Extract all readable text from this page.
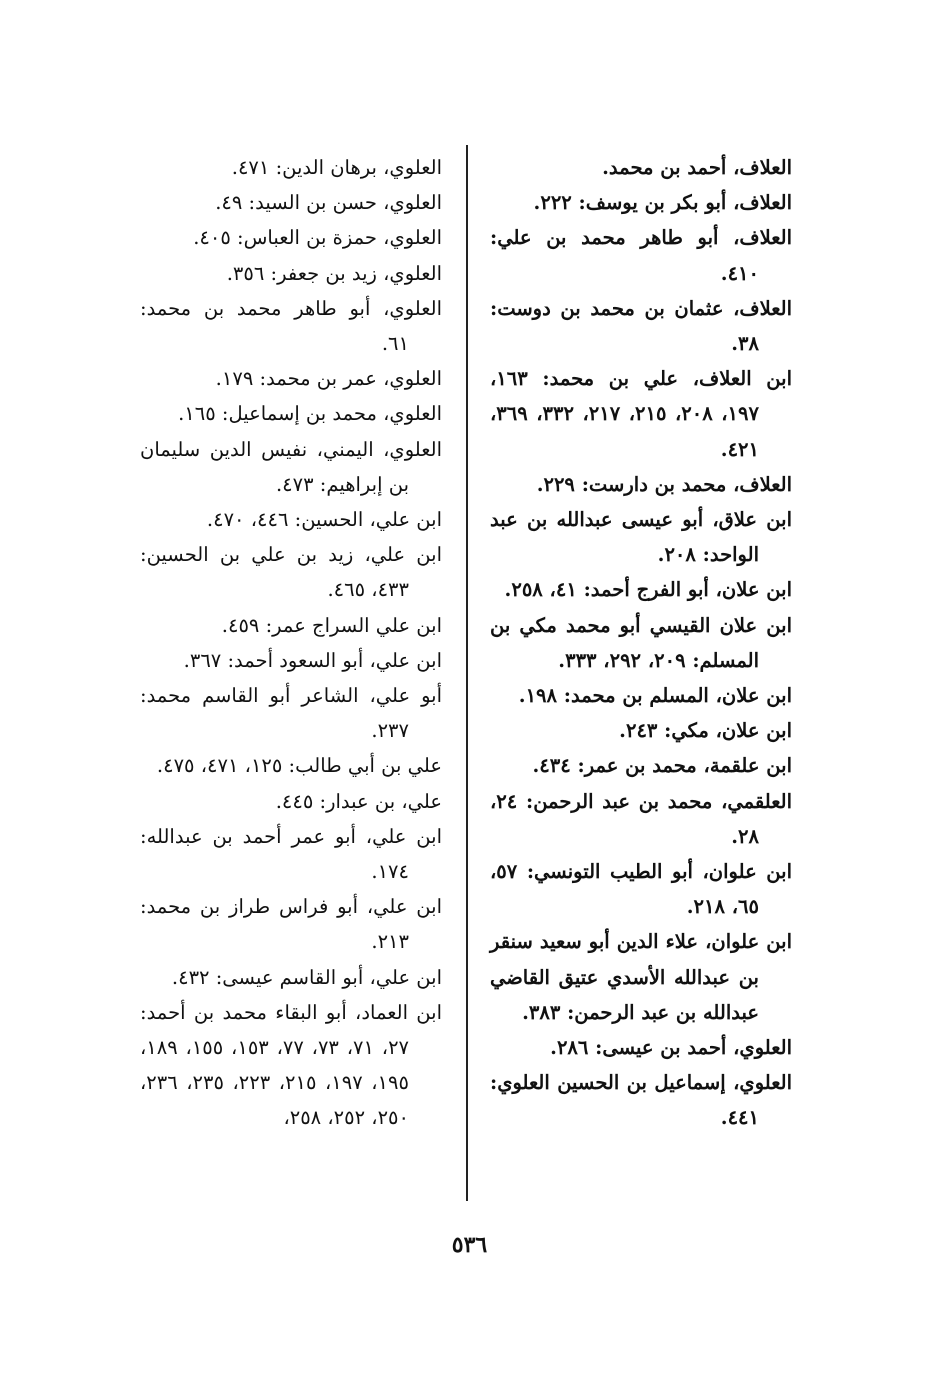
العلاف، أحمد بن محمد.
العلاف، أبو بكر بن يوسف: ٢٢٢.
العلاف، أبو طاهر محمد بن علي: ٤١٠.
العلاف، عثمان بن محمد بن دوست: ٣٨.
ابن العلاف، علي بن محمد: ١٦٣، ١٩٧، ٢٠٨، ٢١٥، ٢١٧، ٣٣٢، ٣٦٩، ٤٢١.
العلاف، محمد بن دارست: ٢٢٩.
ابن علاق، أبو عيسى عبدالله بن عبد الواحد: ٢٠٨.
ابن علان، أبو الفرج أحمد: ٤١، ٢٥٨.
ابن علان القيسي أبو محمد مكي بن المسلم: ٢٠٩، ٢٩٢، ٣٣٣.
ابن علان، المسلم بن محمد: ١٩٨.
ابن علان، مكي: ٢٤٣.
ابن علقمة، محمد بن عمر: ٤٣٤.
العلقمي، محمد بن عبد الرحمن: ٢٤، ٢٨.
ابن علوان، أبو الطيب التونسي: ٥٧، ٦٥، ٢١٨.
ابن علوان، علاء الدين أبو سعيد سنقر بن عبدالله الأسدي عتيق القاضي عبدالله بن عبد الرحمن: ٣٨٣.
العلوي، أحمد بن عيسى: ٢٨٦.
العلوي، إسماعيل بن الحسين العلوي: ٤٤١.
العلوي، برهان الدين: ٤٧١.
العلوي، حسن بن السيد: ٤٩.
العلوي، حمزة بن العباس: ٤٠٥.
العلوي، زيد بن جعفر: ٣٥٦.
العلوي، أبو طاهر محمد بن محمد: ٦١.
العلوي، عمر بن محمد: ١٧٩.
العلوي، محمد بن إسماعيل: ١٦٥.
العلوي، اليمني، نفيس الدين سليمان بن إبراهيم: ٤٧٣.
ابن علي، الحسين: ٤٤٦، ٤٧٠.
ابن علي، زيد بن علي بن الحسين: ٤٣٣، ٤٦٥.
ابن علي السراج عمر: ٤٥٩.
ابن علي، أبو السعود أحمد: ٣٦٧.
أبو علي، الشاعر أبو القاسم محمد: ٢٣٧.
علي بن أبي طالب: ١٢٥، ٤٧١، ٤٧٥.
علي، بن عبدار: ٤٤٥.
ابن علي، أبو عمر أحمد بن عبدالله: ١٧٤.
ابن علي، أبو فراس طراز بن محمد: ٢١٣.
ابن علي، أبو القاسم عيسى: ٤٣٢.
ابن العماد، أبو البقاء محمد بن أحمد: ٢٧، ٧١، ٧٣، ٧٧، ١٥٣، ١٥٥، ١٨٩، ١٩٥، ١٩٧، ٢١٥، ٢٢٣، ٢٣٥، ٢٣٦، ٢٥٠، ٢٥٢، ٢٥٨،
٥٣٦
